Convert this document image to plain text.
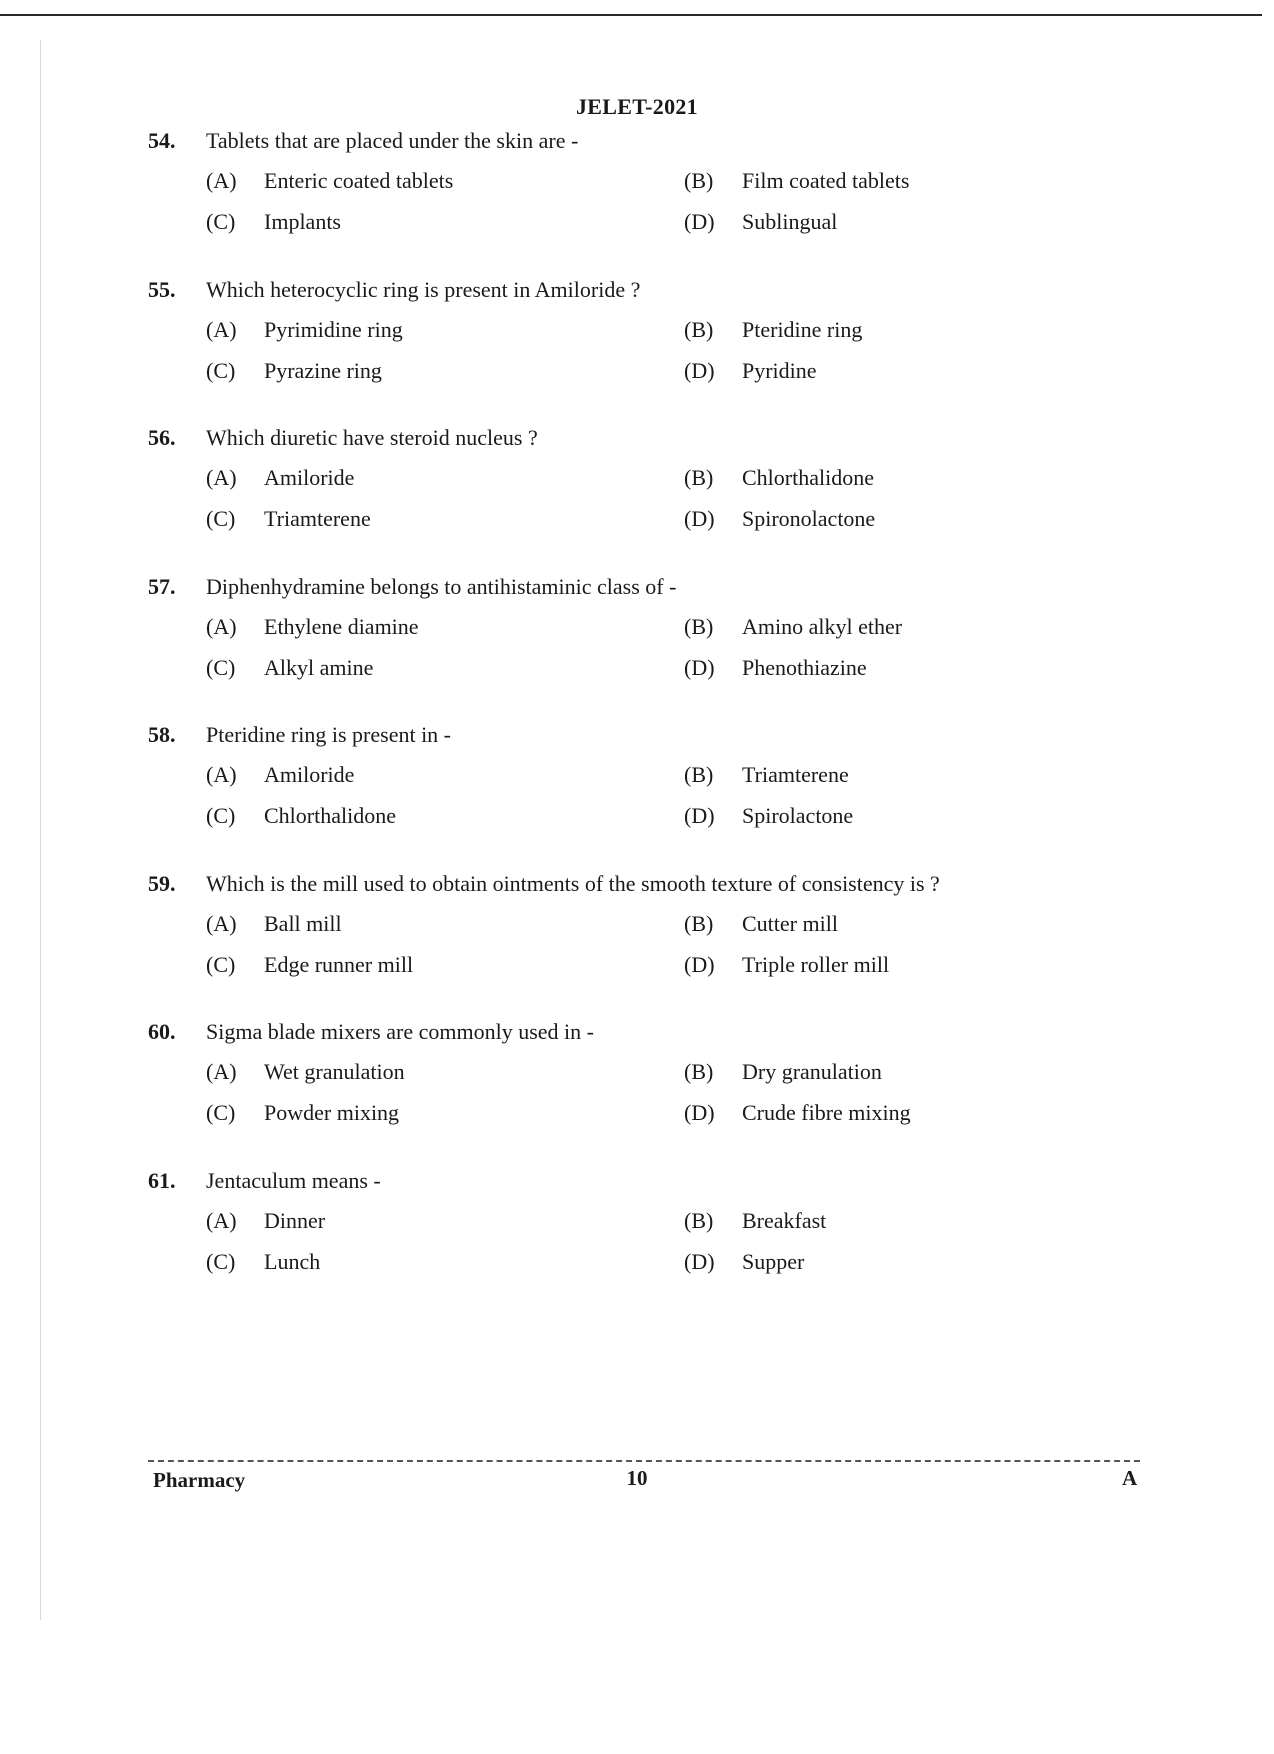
JELET-2021
54. Tablets that are placed under the skin are -
(A) Enteric coated tablets	(B) Film coated tablets
(C) Implants	(D) Sublingual
55. Which heterocyclic ring is present in Amiloride ?
(A) Pyrimidine ring	(B) Pteridine ring
(C) Pyrazine ring	(D) Pyridine
56. Which diuretic have steroid nucleus ?
(A) Amiloride	(B) Chlorthalidone
(C) Triamterene	(D) Spironolactone
57. Diphenhydramine belongs to antihistaminic class of -
(A) Ethylene diamine	(B) Amino alkyl ether
(C) Alkyl amine	(D) Phenothiazine
58. Pteridine ring is present in -
(A) Amiloride	(B) Triamterene
(C) Chlorthalidone	(D) Spirolactone
59. Which is the mill used to obtain ointments of the smooth texture of consistency is ?
(A) Ball mill	(B) Cutter mill
(C) Edge runner mill	(D) Triple roller mill
60. Sigma blade mixers are commonly used in -
(A) Wet granulation	(B) Dry granulation
(C) Powder mixing	(D) Crude fibre mixing
61. Jentaculum means -
(A) Dinner	(B) Breakfast
(C) Lunch	(D) Supper
Pharmacy	10	A
